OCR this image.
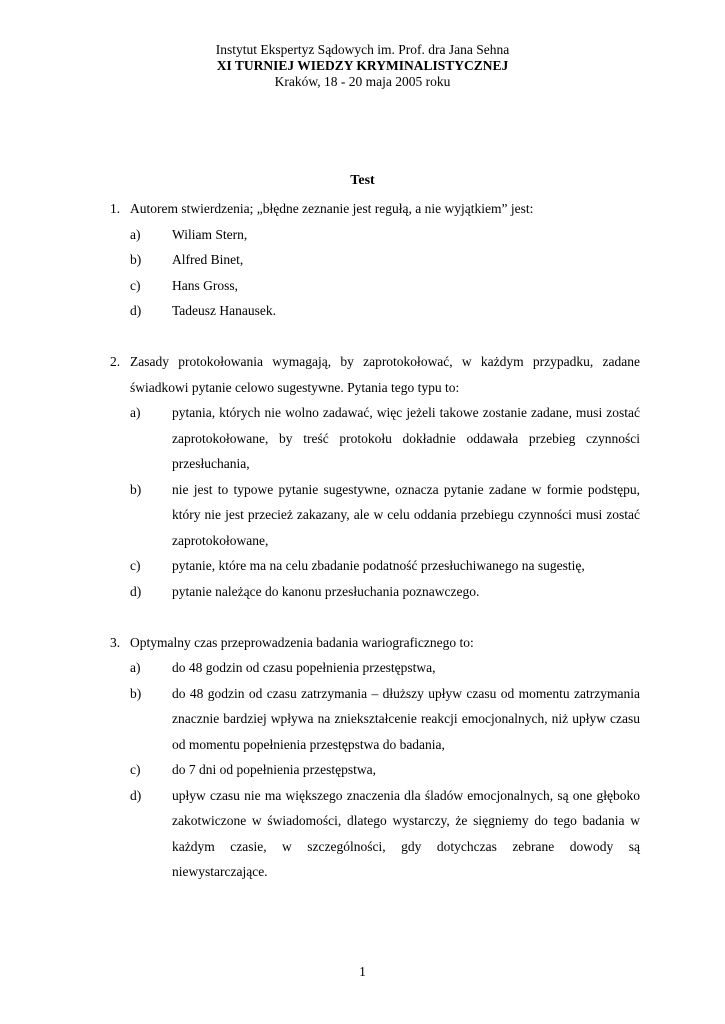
Instytut Ekspertyz Sądowych im. Prof. dra Jana Sehna
XI TURNIEJ WIEDZY KRYMINALISTYCZNEJ
Kraków, 18 - 20 maja 2005 roku
Test
1. Autorem stwierdzenia; „błędne zeznanie jest regułą, a nie wyjątkiem” jest:
a)	Wiliam Stern,
b)	Alfred Binet,
c)	Hans Gross,
d)	Tadeusz Hanausek.
2. Zasady protokołowania wymagają, by zaprotokołować, w każdym przypadku, zadane świadkowi pytanie celowo sugestywne. Pytania tego typu to:
a)	pytania, których nie wolno zadawać, więc jeżeli takowe zostanie zadane, musi zostać zaprotokołowane, by treść protokołu dokładnie oddawała przebieg czynności przesłuchania,
b)	nie jest to typowe pytanie sugestywne, oznacza pytanie zadane w formie podstępu, który nie jest przecież zakazany, ale w celu oddania przebiegu czynności musi zostać zaprotokołowane,
c)	pytanie, które ma na celu zbadanie podatność przesłuchiwanego na sugestię,
d)	pytanie należące do kanonu przesłuchania poznawczego.
3. Optymalny czas przeprowadzenia badania wariograficznego to:
a)	do 48 godzin od czasu popełnienia przestępstwa,
b)	do 48 godzin od czasu zatrzymania – dłuższy upływ czasu od momentu zatrzymania znacznie bardziej wpływa na zniekształcenie reakcji emocjonalnych, niż upływ czasu od momentu popełnienia przestępstwa do badania,
c)	do 7 dni od popełnienia przestępstwa,
d)	upływ czasu nie ma większego znaczenia dla śladów emocjonalnych, są one głęboko zakotwiczone w świadomości, dlatego wystarczy, że sięgniemy do tego badania w każdym czasie, w szczególności, gdy dotychczas zebrane dowody są niewystarczające.
1
